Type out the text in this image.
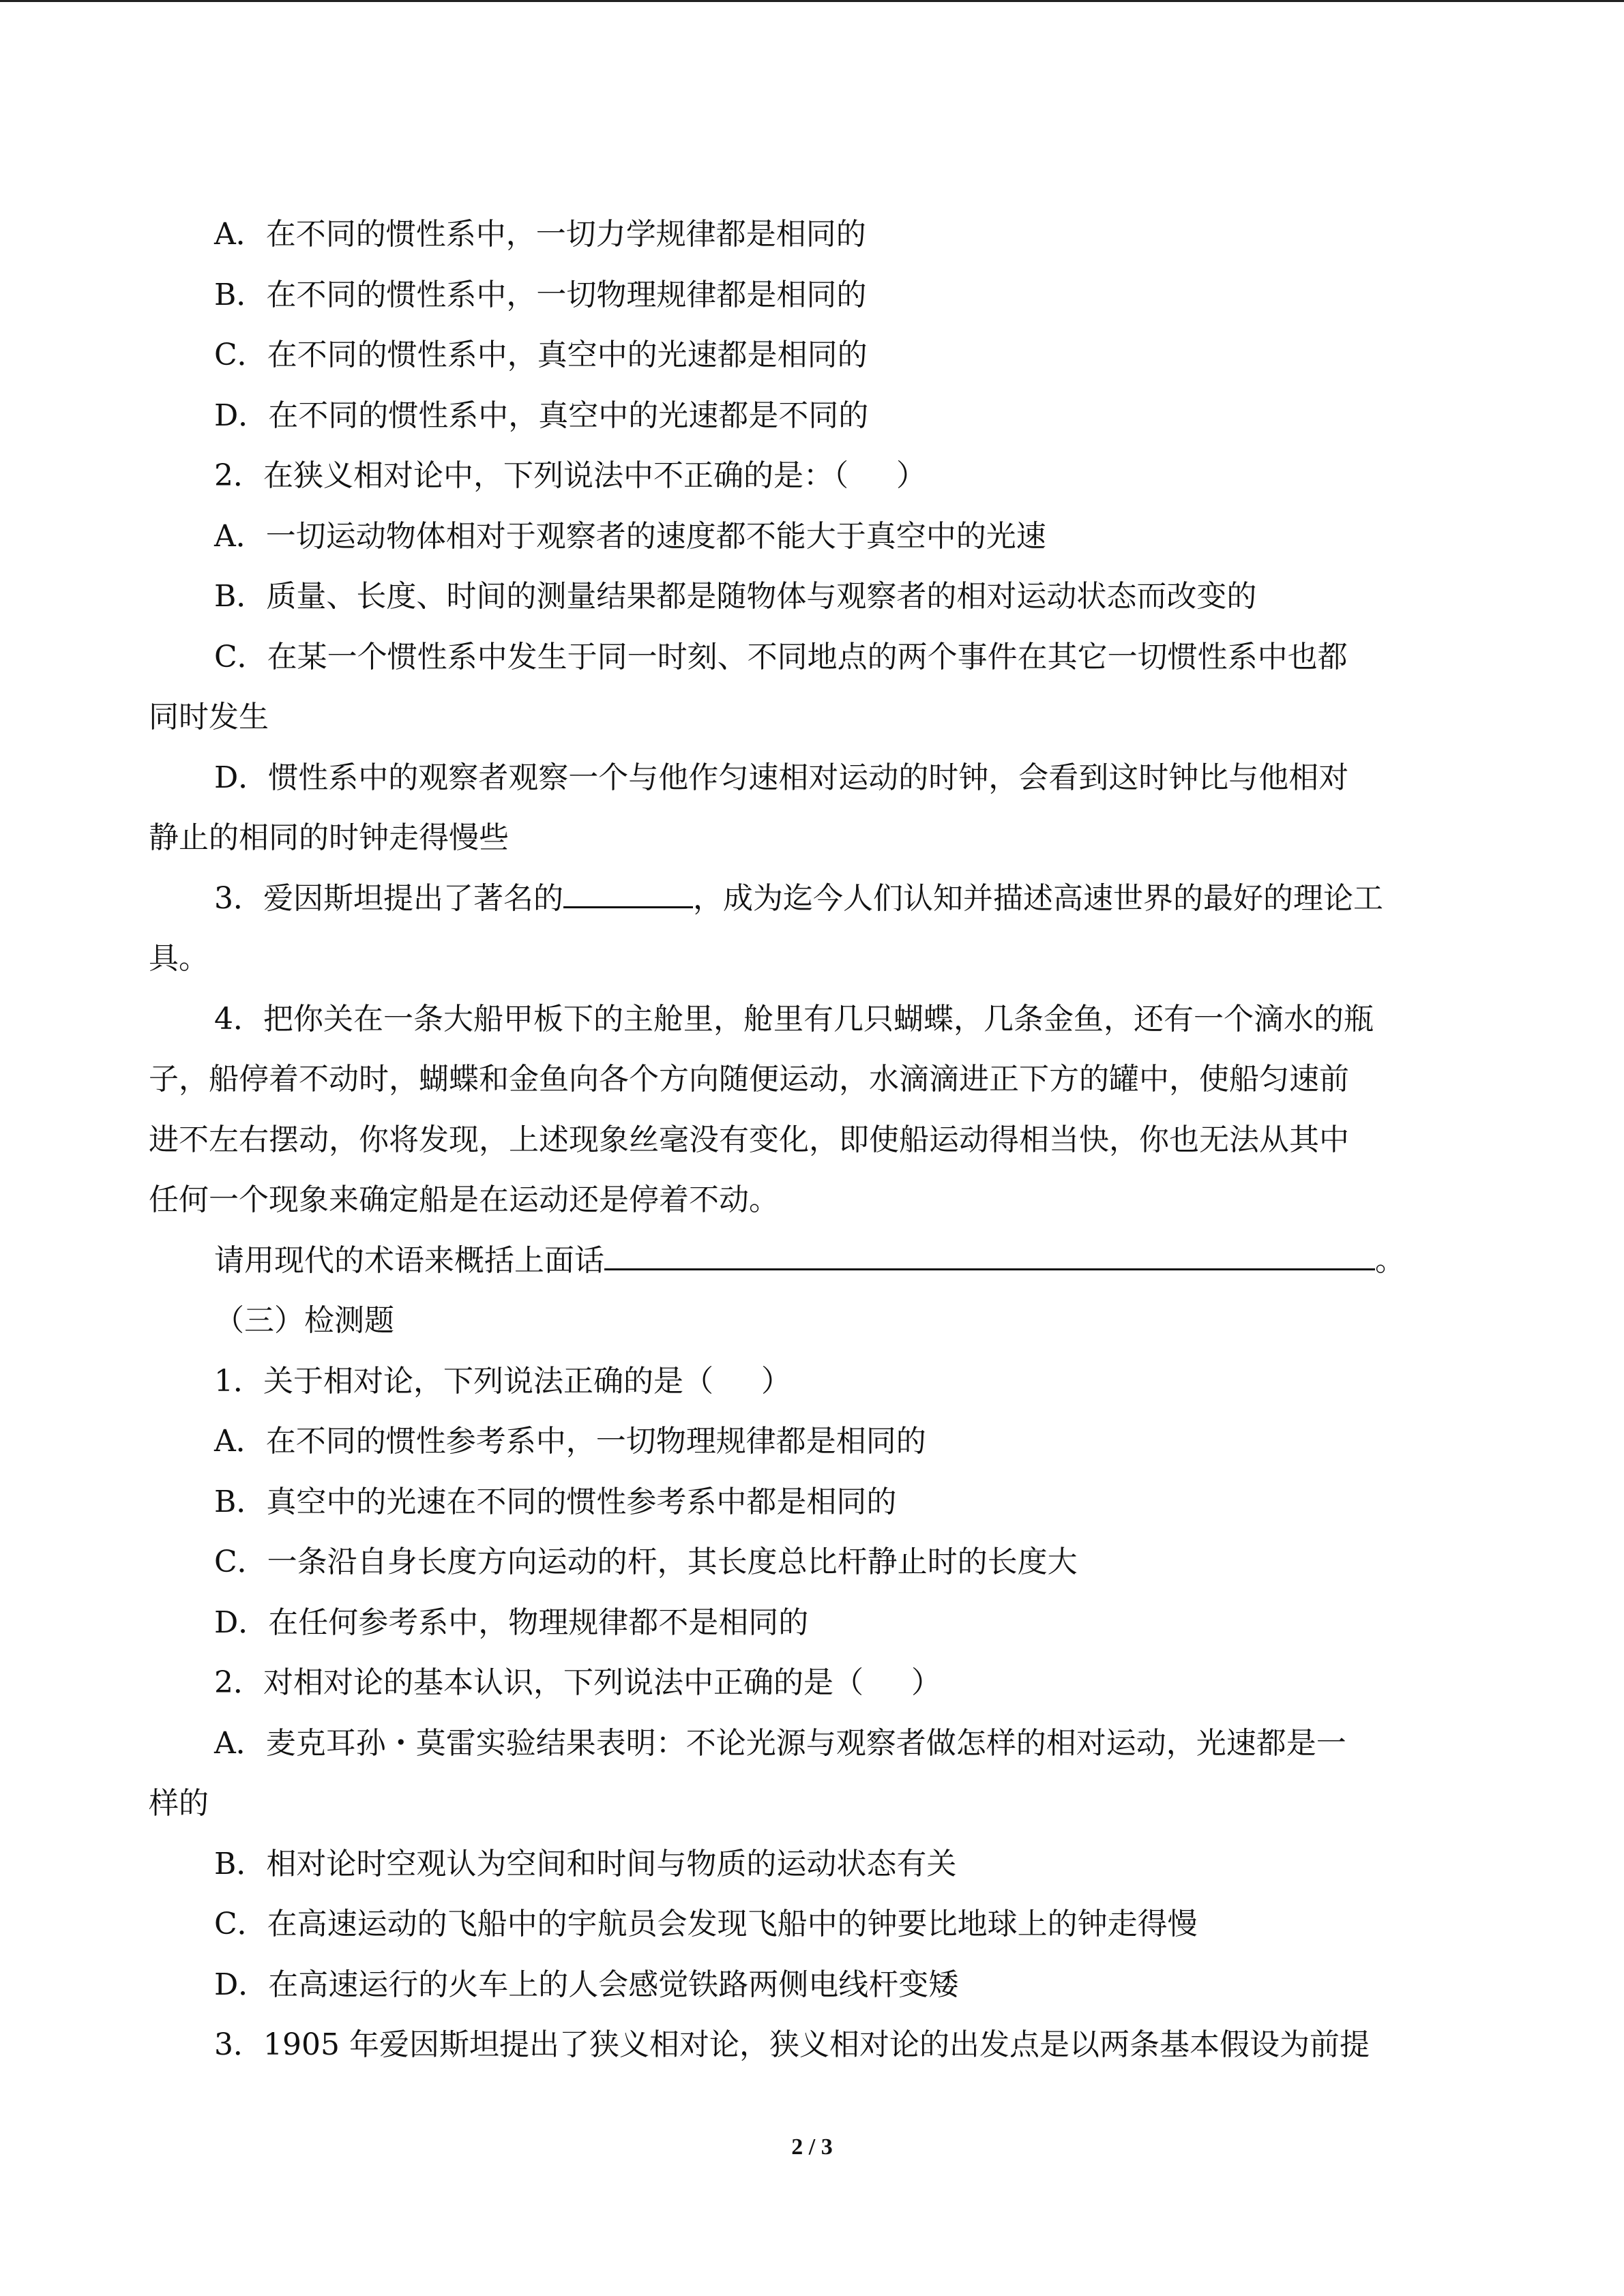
A．在不同的惯性系中，一切力学规律都是相同的

B．在不同的惯性系中，一切物理规律都是相同的

C．在不同的惯性系中，真空中的光速都是相同的

D．在不同的惯性系中，真空中的光速都是不同的

2．在狭义相对论中，下列说法中不正确的是：（ ）

A．一切运动物体相对于观察者的速度都不能大于真空中的光速

B．质量、长度、时间的测量结果都是随物体与观察者的相对运动状态而改变的

C．在某一个惯性系中发生于同一时刻、不同地点的两个事件在其它一切惯性系中也都

同时发生

D．惯性系中的观察者观察一个与他作匀速相对运动的时钟，会看到这时钟比与他相对

静止的相同的时钟走得慢些

3．爱因斯坦提出了著名的	，成为迄今人们认知并描述高速世界的最好的理论工

具。

4．把你关在一条大船甲板下的主舱里，舱里有几只蝴蝶，几条金鱼，还有一个滴水的瓶

子，船停着不动时，蝴蝶和金鱼向各个方向随便运动，水滴滴进正下方的罐中，使船匀速前

进不左右摆动，你将发现，上述现象丝毫没有变化，即使船运动得相当快，你也无法从其中

任何一个现象来确定船是在运动还是停着不动。

请用现代的术语来概括上面话	。

（三）检测题

1．关于相对论，下列说法正确的是（ ）

A．在不同的惯性参考系中，一切物理规律都是相同的

B．真空中的光速在不同的惯性参考系中都是相同的

C．一条沿自身长度方向运动的杆，其长度总比杆静止时的长度大

D．在任何参考系中，物理规律都不是相同的

2．对相对论的基本认识，下列说法中正确的是（ ）

A．麦克耳孙・莫雷实验结果表明：不论光源与观察者做怎样的相对运动，光速都是一

样的

B．相对论时空观认为空间和时间与物质的运动状态有关

C．在高速运动的飞船中的宇航员会发现飞船中的钟要比地球上的钟走得慢

D．在高速运行的火车上的人会感觉铁路两侧电线杆变矮

3．1905 年爱因斯坦提出了狭义相对论，狭义相对论的出发点是以两条基本假设为前提

2 / 3
